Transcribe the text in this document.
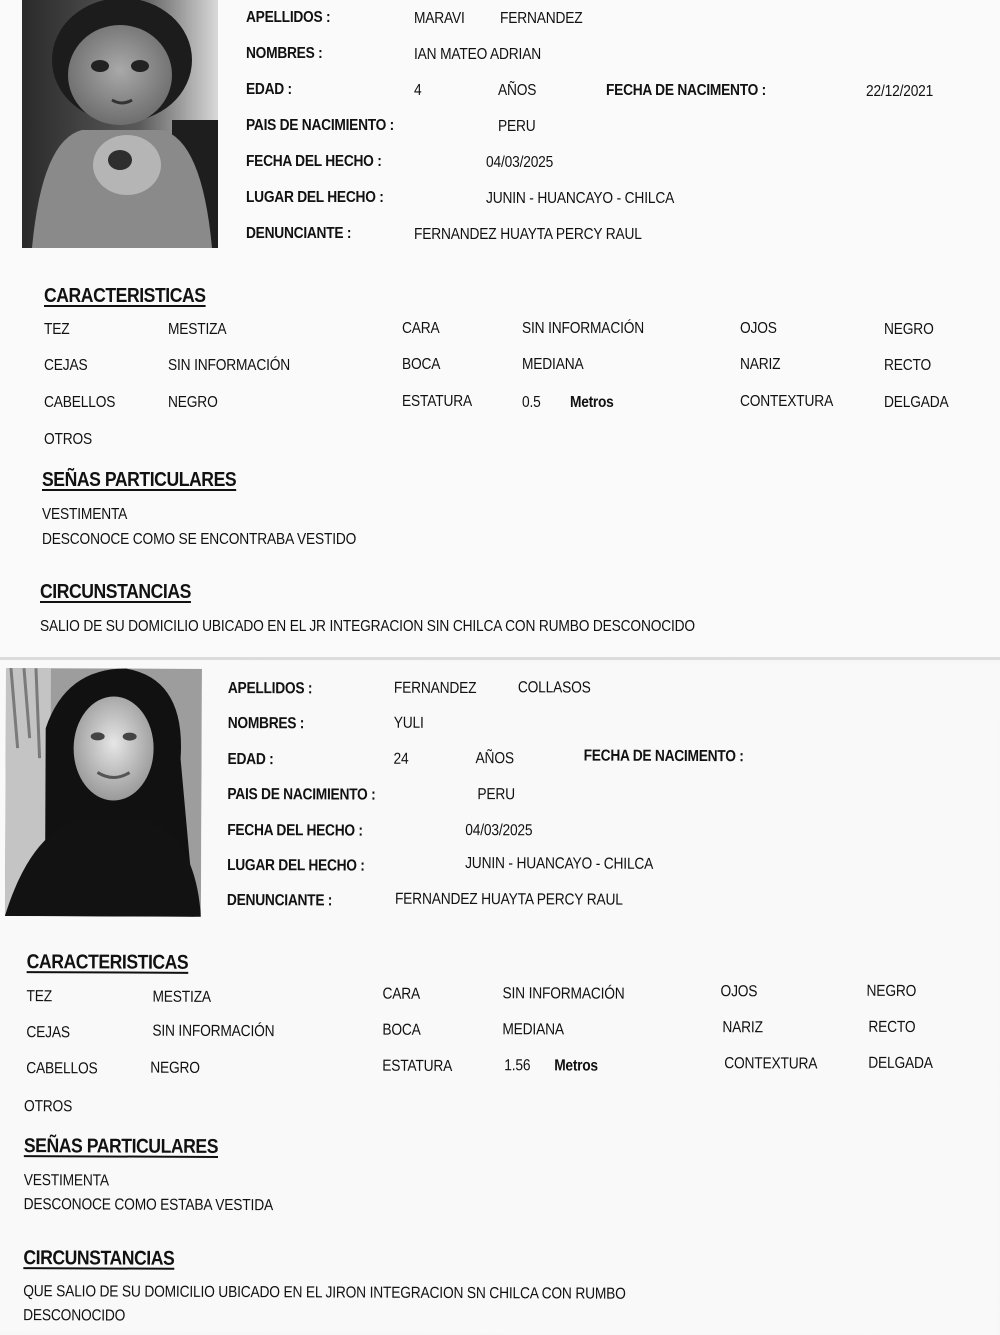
APELLIDOS :	MARAVI FERNANDEZ
NOMBRES :	IAN MATEO ADRIAN
EDAD :	4	AÑOS	FECHA DE NACIMENTO :	22/12/2021
PAIS DE NACIMIENTO :	PERU
FECHA DEL HECHO :	04/03/2025
LUGAR DEL HECHO :	JUNIN - HUANCAYO - CHILCA
DENUNCIANTE :	FERNANDEZ HUAYTA PERCY RAUL
CARACTERISTICAS
TEZ	MESTIZA	CARA	SIN INFORMACIÓN	OJOS	NEGRO
CEJAS	SIN INFORMACIÓN	BOCA	MEDIANA	NARIZ	RECTO
CABELLOS	NEGRO	ESTATURA	0.5 Metros	CONTEXTURA	DELGADA
OTROS
SEÑAS PARTICULARES
VESTIMENTA
DESCONOCE COMO SE ENCONTRABA VESTIDO
CIRCUNSTANCIAS
SALIO DE SU DOMICILIO UBICADO EN EL JR INTEGRACION SIN CHILCA CON RUMBO DESCONOCIDO
APELLIDOS :	FERNANDEZ	COLLASOS
NOMBRES :	YULI
EDAD :	24	AÑOS	FECHA DE NACIMENTO :
PAIS DE NACIMIENTO :	PERU
FECHA DEL HECHO :	04/03/2025
LUGAR DEL HECHO :	JUNIN - HUANCAYO - CHILCA
DENUNCIANTE :	FERNANDEZ HUAYTA PERCY RAUL
CARACTERISTICAS
TEZ	MESTIZA	CARA	SIN INFORMACIÓN	OJOS	NEGRO
CEJAS	SIN INFORMACIÓN	BOCA	MEDIANA	NARIZ	RECTO
CABELLOS	NEGRO	ESTATURA	1.56 Metros	CONTEXTURA	DELGADA
OTROS
SEÑAS PARTICULARES
VESTIMENTA
DESCONOCE COMO ESTABA VESTIDA
CIRCUNSTANCIAS
QUE SALIO DE SU DOMICILIO UBICADO EN EL JIRON INTEGRACION SN CHILCA CON RUMBO
DESCONOCIDO
